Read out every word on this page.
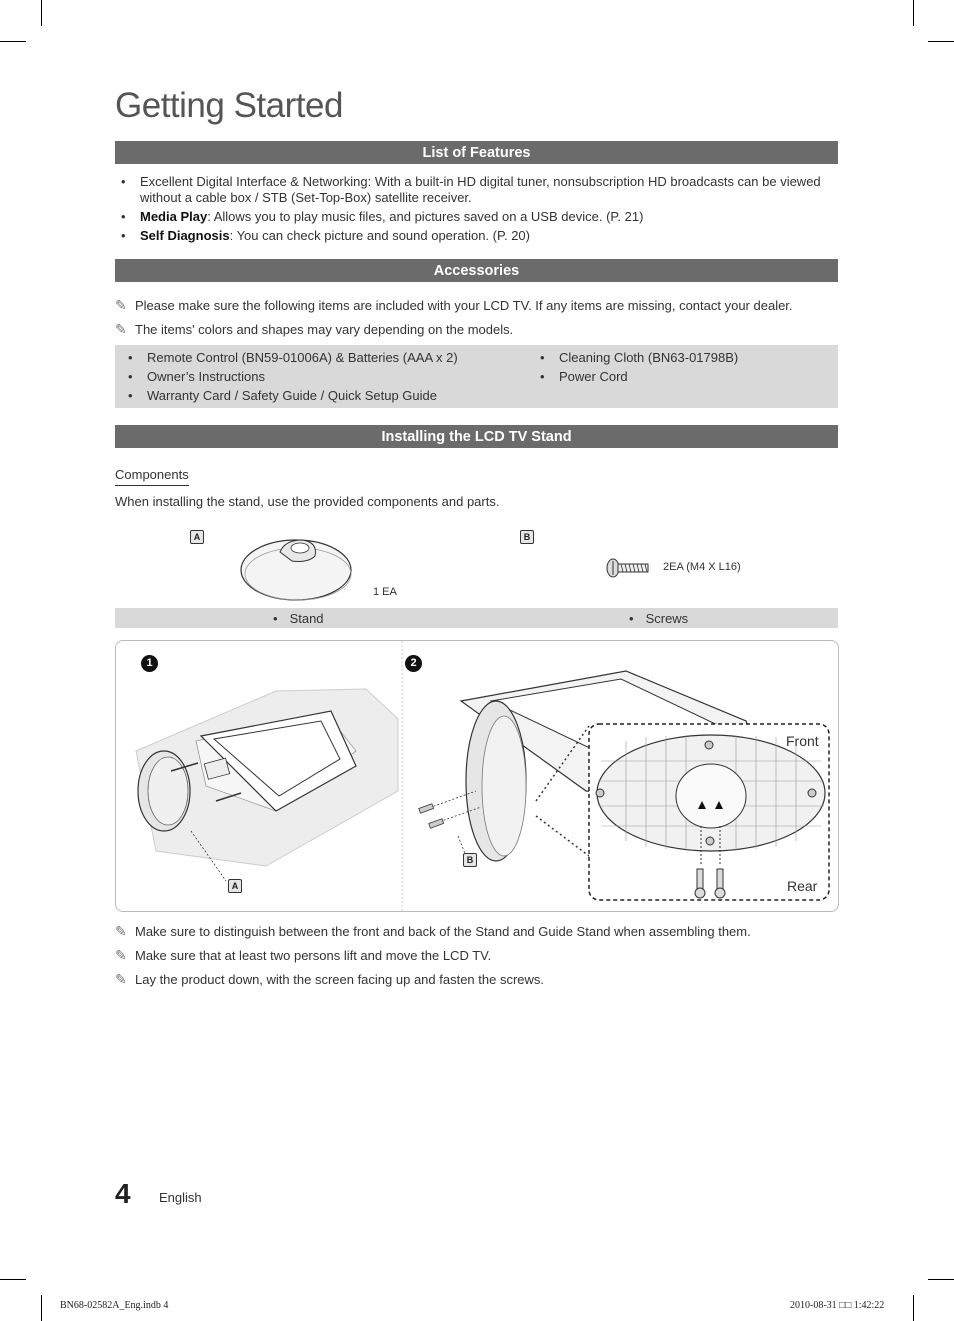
Getting Started
List of Features
• Excellent Digital Interface & Networking: With a built-in HD digital tuner, nonsubscription HD broadcasts can be viewed without a cable box / STB (Set-Top-Box) satellite receiver.
• Media Play: Allows you to play music files, and pictures saved on a USB device. (P. 21)
• Self Diagnosis: You can check picture and sound operation. (P. 20)
Accessories
✎ Please make sure the following items are included with your LCD TV. If any items are missing, contact your dealer.
✎ The items' colors and shapes may vary depending on the models.
• Remote Control (BN59-01006A) & Batteries (AAA x 2)
• Owner’s Instructions
• Warranty Card / Safety Guide / Quick Setup Guide
• Cleaning Cloth (BN63-01798B)
• Power Cord
Installing the LCD TV Stand
Components
When installing the stand, use the provided components and parts.
A
1 EA
B
2EA (M4 X L16)
• Stand	• Screws
1	2
A
B
Front
Rear
✎ Make sure to distinguish between the front and back of the Stand and Guide Stand when assembling them.
✎ Make sure that at least two persons lift and move the LCD TV.
✎ Lay the product down, with the screen facing up and fasten the screws.
4 English
BN68-02582A_Eng.indb 4	2010-08-31 □□ 1:42:22
